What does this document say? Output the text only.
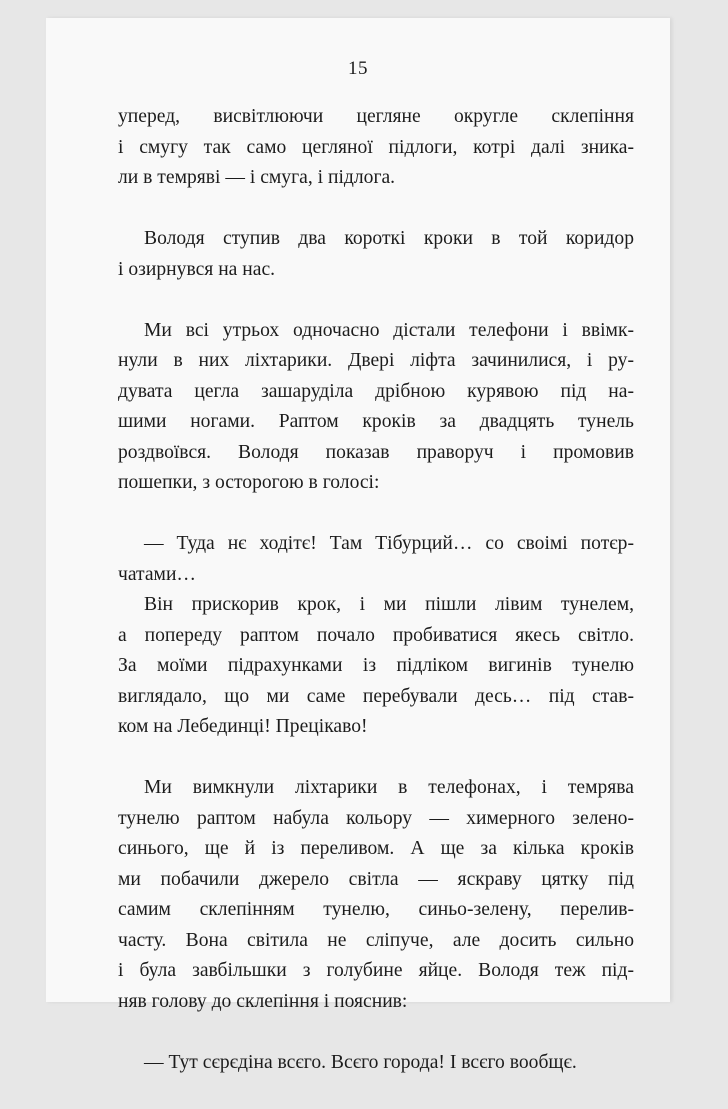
15
уперед, висвітлюючи цегляне округле склепіння
і смугу так само цегляної підлоги, котрі далі зника-
ли в темряві — і смуга, і підлога.
Володя ступив два короткі кроки в той коридор
і озирнувся на нас.
Ми всі утрьох одночасно дістали телефони і ввімк-
нули в них ліхтарики. Двері ліфта зачинилися, і ру-
дувата цегла зашаруділа дрібною курявою під на-
шими ногами. Раптом кроків за двадцять тунель
роздвоївся. Володя показав праворуч і промовив
пошепки, з осторогою в голосі:
— Туда нє ходітє! Там Тібурций… со своімі потєр-
чатами…
Він прискорив крок, і ми пішли лівим тунелем,
а попереду раптом почало пробиватися якесь світло.
За моїми підрахунками із підліком вигинів тунелю
виглядало, що ми саме перебували десь… під став-
ком на Лебединці! Прецікаво!
Ми вимкнули ліхтарики в телефонах, і темрява
тунелю раптом набула кольору — химерного зелено-
синього, ще й із переливом. А ще за кілька кроків
ми побачили джерело світла — яскраву цятку під
самим склепінням тунелю, синьо-зелену, перелив-
часту. Вона світила не сліпуче, але досить сильно
і була завбільшки з голубине яйце. Володя теж під-
няв голову до склепіння і пояснив:
— Тут сєрєдіна всєго. Всєго города! І всєго вообщє.
